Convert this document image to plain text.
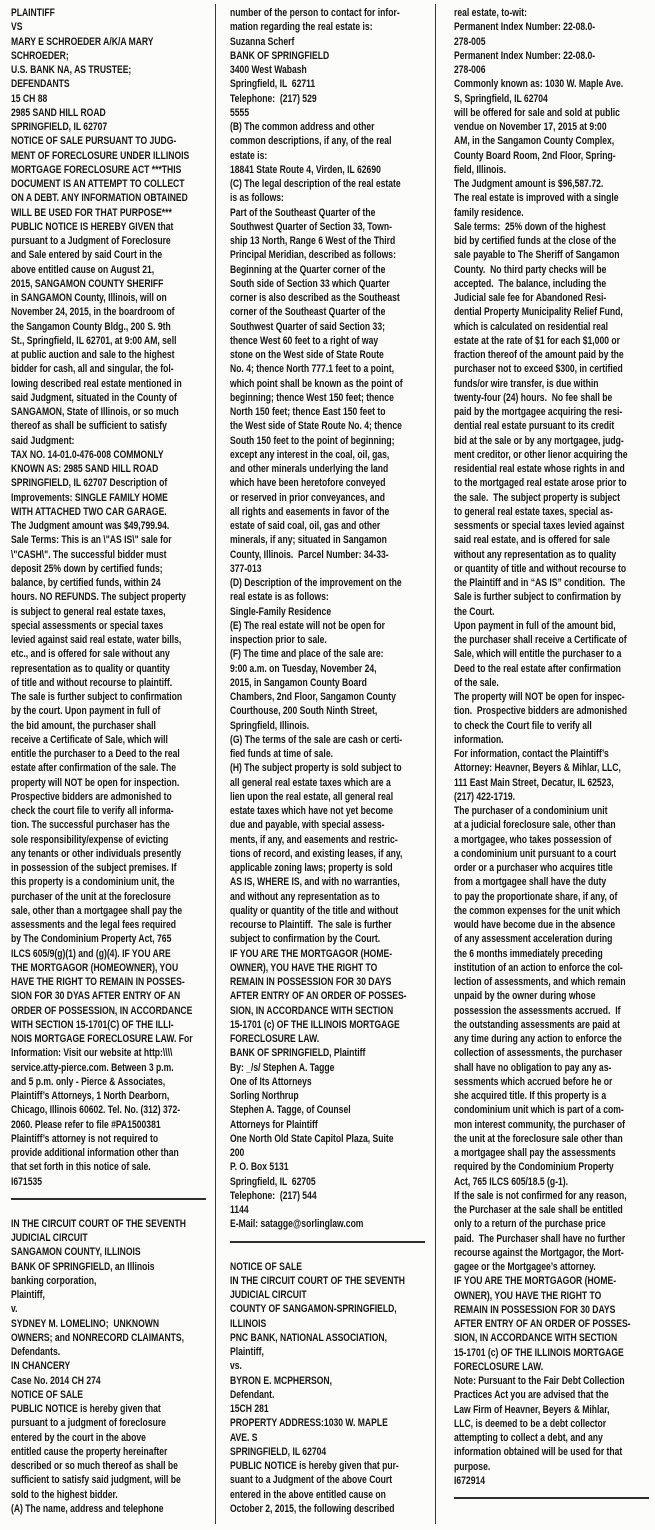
PLAINTIFF
VS
MARY E SCHROEDER A/K/A MARY
SCHROEDER;
U.S. BANK NA, AS TRUSTEE;
DEFENDANTS
15 CH 88
2985 SAND HILL ROAD
SPRINGFIELD, IL 62707
NOTICE OF SALE PURSUANT TO JUDG-
MENT OF FORECLOSURE UNDER ILLINOIS
MORTGAGE FORECLOSURE ACT ***THIS
DOCUMENT IS AN ATTEMPT TO COLLECT
ON A DEBT. ANY INFORMATION OBTAINED
WILL BE USED FOR THAT PURPOSE***
PUBLIC NOTICE IS HEREBY GIVEN that
pursuant to a Judgment of Foreclosure
and Sale entered by said Court in the
above entitled cause on August 21,
2015, SANGAMON COUNTY SHERIFF
in SANGAMON County, Illinois, will on
November 24, 2015, in the boardroom of
the Sangamon County Bldg., 200 S. 9th
St., Springfield, IL 62701, at 9:00 AM, sell
at public auction and sale to the highest
bidder for cash, all and singular, the fol-
lowing described real estate mentioned in
said Judgment, situated in the County of
SANGAMON, State of Illinois, or so much
thereof as shall be sufficient to satisfy
said Judgment:
TAX NO. 14-01.0-476-008 COMMONLY
KNOWN AS: 2985 SAND HILL ROAD
SPRINGFIELD, IL 62707 Description of
Improvements: SINGLE FAMILY HOME
WITH ATTACHED TWO CAR GARAGE.
The Judgment amount was $49,799.94.
Sale Terms: This is an \"AS IS\" sale for
\"CASH\". The successful bidder must
deposit 25% down by certified funds;
balance, by certified funds, within 24
hours. NO REFUNDS. The subject property
is subject to general real estate taxes,
special assessments or special taxes
levied against said real estate, water bills,
etc., and is offered for sale without any
representation as to quality or quantity
of title and without recourse to plaintiff.
The sale is further subject to confirmation
by the court. Upon payment in full of
the bid amount, the purchaser shall
receive a Certificate of Sale, which will
entitle the purchaser to a Deed to the real
estate after confirmation of the sale. The
property will NOT be open for inspection.
Prospective bidders are admonished to
check the court file to verify all informa-
tion. The successful purchaser has the
sole responsibility/expense of evicting
any tenants or other individuals presently
in possession of the subject premises. If
this property is a condominium unit, the
purchaser of the unit at the foreclosure
sale, other than a mortgagee shall pay the
assessments and the legal fees required
by The Condominium Property Act, 765
ILCS 605/9(g)(1) and (g)(4). IF YOU ARE
THE MORTGAGOR (HOMEOWNER), YOU
HAVE THE RIGHT TO REMAIN IN POSSES-
SION FOR 30 DYAS AFTER ENTRY OF AN
ORDER OF POSSESSION, IN ACCORDANCE
WITH SECTION 15-1701(C) OF THE ILLI-
NOIS MORTGAGE FORECLOSURE LAW. For
Information: Visit our website at http:\\\\
service.atty-pierce.com. Between 3 p.m.
and 5 p.m. only - Pierce & Associates,
Plaintiff’s Attorneys, 1 North Dearborn,
Chicago, Illinois 60602. Tel. No. (312) 372-
2060. Please refer to file #PA1500381
Plaintiff’s attorney is not required to
provide additional information other than
that set forth in this notice of sale.
I671535
IN THE CIRCUIT COURT OF THE SEVENTH
JUDICIAL CIRCUIT
SANGAMON COUNTY, ILLINOIS
BANK OF SPRINGFIELD, an Illinois
banking corporation,
Plaintiff,
v.
SYDNEY M. LOMELINO;  UNKNOWN
OWNERS; and NONRECORD CLAIMANTS,
Defendants.
IN CHANCERY
Case No. 2014 CH 274
NOTICE OF SALE
PUBLIC NOTICE is hereby given that
pursuant to a judgment of foreclosure
entered by the court in the above
entitled cause the property hereinafter
described or so much thereof as shall be
sufficient to satisfy said judgment, will be
sold to the highest bidder.
(A) The name, address and telephone
number of the person to contact for infor-
mation regarding the real estate is:
Suzanna Scherf
BANK OF SPRINGFIELD
3400 West Wabash
Springfield, IL  62711
Telephone:  (217) 529
5555
(B) The common address and other
common descriptions, if any, of the real
estate is:
18841 State Route 4, Virden, IL 62690
(C) The legal description of the real estate
is as follows:
Part of the Southeast Quarter of the
Southwest Quarter of Section 33, Town-
ship 13 North, Range 6 West of the Third
Principal Meridian, described as follows:
Beginning at the Quarter corner of the
South side of Section 33 which Quarter
corner is also described as the Southeast
corner of the Southeast Quarter of the
Southwest Quarter of said Section 33;
thence West 60 feet to a right of way
stone on the West side of State Route
No. 4; thence North 777.1 feet to a point,
which point shall be known as the point of
beginning; thence West 150 feet; thence
North 150 feet; thence East 150 feet to
the West side of State Route No. 4; thence
South 150 feet to the point of beginning;
except any interest in the coal, oil, gas,
and other minerals underlying the land
which have been heretofore conveyed
or reserved in prior conveyances, and
all rights and easements in favor of the
estate of said coal, oil, gas and other
minerals, if any; situated in Sangamon
County, Illinois.  Parcel Number: 34-33-
377-013
(D) Description of the improvement on the
real estate is as follows:
Single-Family Residence
(E) The real estate will not be open for
inspection prior to sale.
(F) The time and place of the sale are:
9:00 a.m. on Tuesday, November 24,
2015, in Sangamon County Board
Chambers, 2nd Floor, Sangamon County
Courthouse, 200 South Ninth Street,
Springfield, Illinois.
(G) The terms of the sale are cash or certi-
fied funds at time of sale.
(H) The subject property is sold subject to
all general real estate taxes which are a
lien upon the real estate, all general real
estate taxes which have not yet become
due and payable, with special assess-
ments, if any, and easements and restric-
tions of record, and existing leases, if any,
applicable zoning laws; property is sold
AS IS, WHERE IS, and with no warranties,
and without any representation as to
quality or quantity of the title and without
recourse to Plaintiff.  The sale is further
subject to confirmation by the Court.
IF YOU ARE THE MORTGAGOR (HOME-
OWNER), YOU HAVE THE RIGHT TO
REMAIN IN POSSESSION FOR 30 DAYS
AFTER ENTRY OF AN ORDER OF POSSES-
SION, IN ACCORDANCE WITH SECTION
15-1701 (c) OF THE ILLINOIS MORTGAGE
FORECLOSURE LAW.
BANK OF SPRINGFIELD, Plaintiff
By: _/s/ Stephen A. Tagge
One of Its Attorneys
Sorling Northrup
Stephen A. Tagge, of Counsel
Attorneys for Plaintiff
One North Old State Capitol Plaza, Suite
200
P. O. Box 5131
Springfield, IL  62705
Telephone:  (217) 544
1144
E-Mail: satagge@sorlinglaw.com
NOTICE OF SALE
IN THE CIRCUIT COURT OF THE SEVENTH
JUDICIAL CIRCUIT
COUNTY OF SANGAMON-SPRINGFIELD,
ILLINOIS
PNC BANK, NATIONAL ASSOCIATION,
Plaintiff,
vs.
BYRON E. MCPHERSON,
Defendant.
15CH 281
PROPERTY ADDRESS:1030 W. MAPLE
AVE. S
SPRINGFIELD, IL 62704
PUBLIC NOTICE is hereby given that pur-
suant to a Judgment of the above Court
entered in the above entitled cause on
October 2, 2015, the following described
real estate, to-wit:
Permanent Index Number: 22-08.0-
278-005
Permanent Index Number: 22-08.0-
278-006
Commonly known as: 1030 W. Maple Ave.
S, Springfield, IL 62704
will be offered for sale and sold at public
vendue on November 17, 2015 at 9:00
AM, in the Sangamon County Complex,
County Board Room, 2nd Floor, Spring-
field, Illinois.
The Judgment amount is $96,587.72.
The real estate is improved with a single
family residence.
Sale terms:  25% down of the highest
bid by certified funds at the close of the
sale payable to The Sheriff of Sangamon
County.  No third party checks will be
accepted.  The balance, including the
Judicial sale fee for Abandoned Resi-
dential Property Municipality Relief Fund,
which is calculated on residential real
estate at the rate of $1 for each $1,000 or
fraction thereof of the amount paid by the
purchaser not to exceed $300, in certified
funds/or wire transfer, is due within
twenty-four (24) hours.  No fee shall be
paid by the mortgagee acquiring the resi-
dential real estate pursuant to its credit
bid at the sale or by any mortgagee, judg-
ment creditor, or other lienor acquiring the
residential real estate whose rights in and
to the mortgaged real estate arose prior to
the sale.  The subject property is subject
to general real estate taxes, special as-
sessments or special taxes levied against
said real estate, and is offered for sale
without any representation as to quality
or quantity of title and without recourse to
the Plaintiff and in “AS IS” condition.  The
Sale is further subject to confirmation by
the Court.
Upon payment in full of the amount bid,
the purchaser shall receive a Certificate of
Sale, which will entitle the purchaser to a
Deed to the real estate after confirmation
of the sale.
The property will NOT be open for inspec-
tion.  Prospective bidders are admonished
to check the Court file to verify all
information.
For information, contact the Plaintiff’s
Attorney: Heavner, Beyers & Mihlar, LLC,
111 East Main Street, Decatur, IL 62523,
(217) 422-1719.
The purchaser of a condominium unit
at a judicial foreclosure sale, other than
a mortgagee, who takes possession of
a condominium unit pursuant to a court
order or a purchaser who acquires title
from a mortgagee shall have the duty
to pay the proportionate share, if any, of
the common expenses for the unit which
would have become due in the absence
of any assessment acceleration during
the 6 months immediately preceding
institution of an action to enforce the col-
lection of assessments, and which remain
unpaid by the owner during whose
possession the assessments accrued.  If
the outstanding assessments are paid at
any time during any action to enforce the
collection of assessments, the purchaser
shall have no obligation to pay any as-
sessments which accrued before he or
she acquired title. If this property is a
condominium unit which is part of a com-
mon interest community, the purchaser of
the unit at the foreclosure sale other than
a mortgagee shall pay the assessments
required by the Condominium Property
Act, 765 ILCS 605/18.5 (g-1).
If the sale is not confirmed for any reason,
the Purchaser at the sale shall be entitled
only to a return of the purchase price
paid.  The Purchaser shall have no further
recourse against the Mortgagor, the Mort-
gagee or the Mortgagee’s attorney.
IF YOU ARE THE MORTGAGOR (HOME-
OWNER), YOU HAVE THE RIGHT TO
REMAIN IN POSSESSION FOR 30 DAYS
AFTER ENTRY OF AN ORDER OF POSSES-
SION, IN ACCORDANCE WITH SECTION
15-1701 (c) OF THE ILLINOIS MORTGAGE
FORECLOSURE LAW.
Note: Pursuant to the Fair Debt Collection
Practices Act you are advised that the
Law Firm of Heavner, Beyers & Mihlar,
LLC, is deemed to be a debt collector
attempting to collect a debt, and any
information obtained will be used for that
purpose.
I672914
